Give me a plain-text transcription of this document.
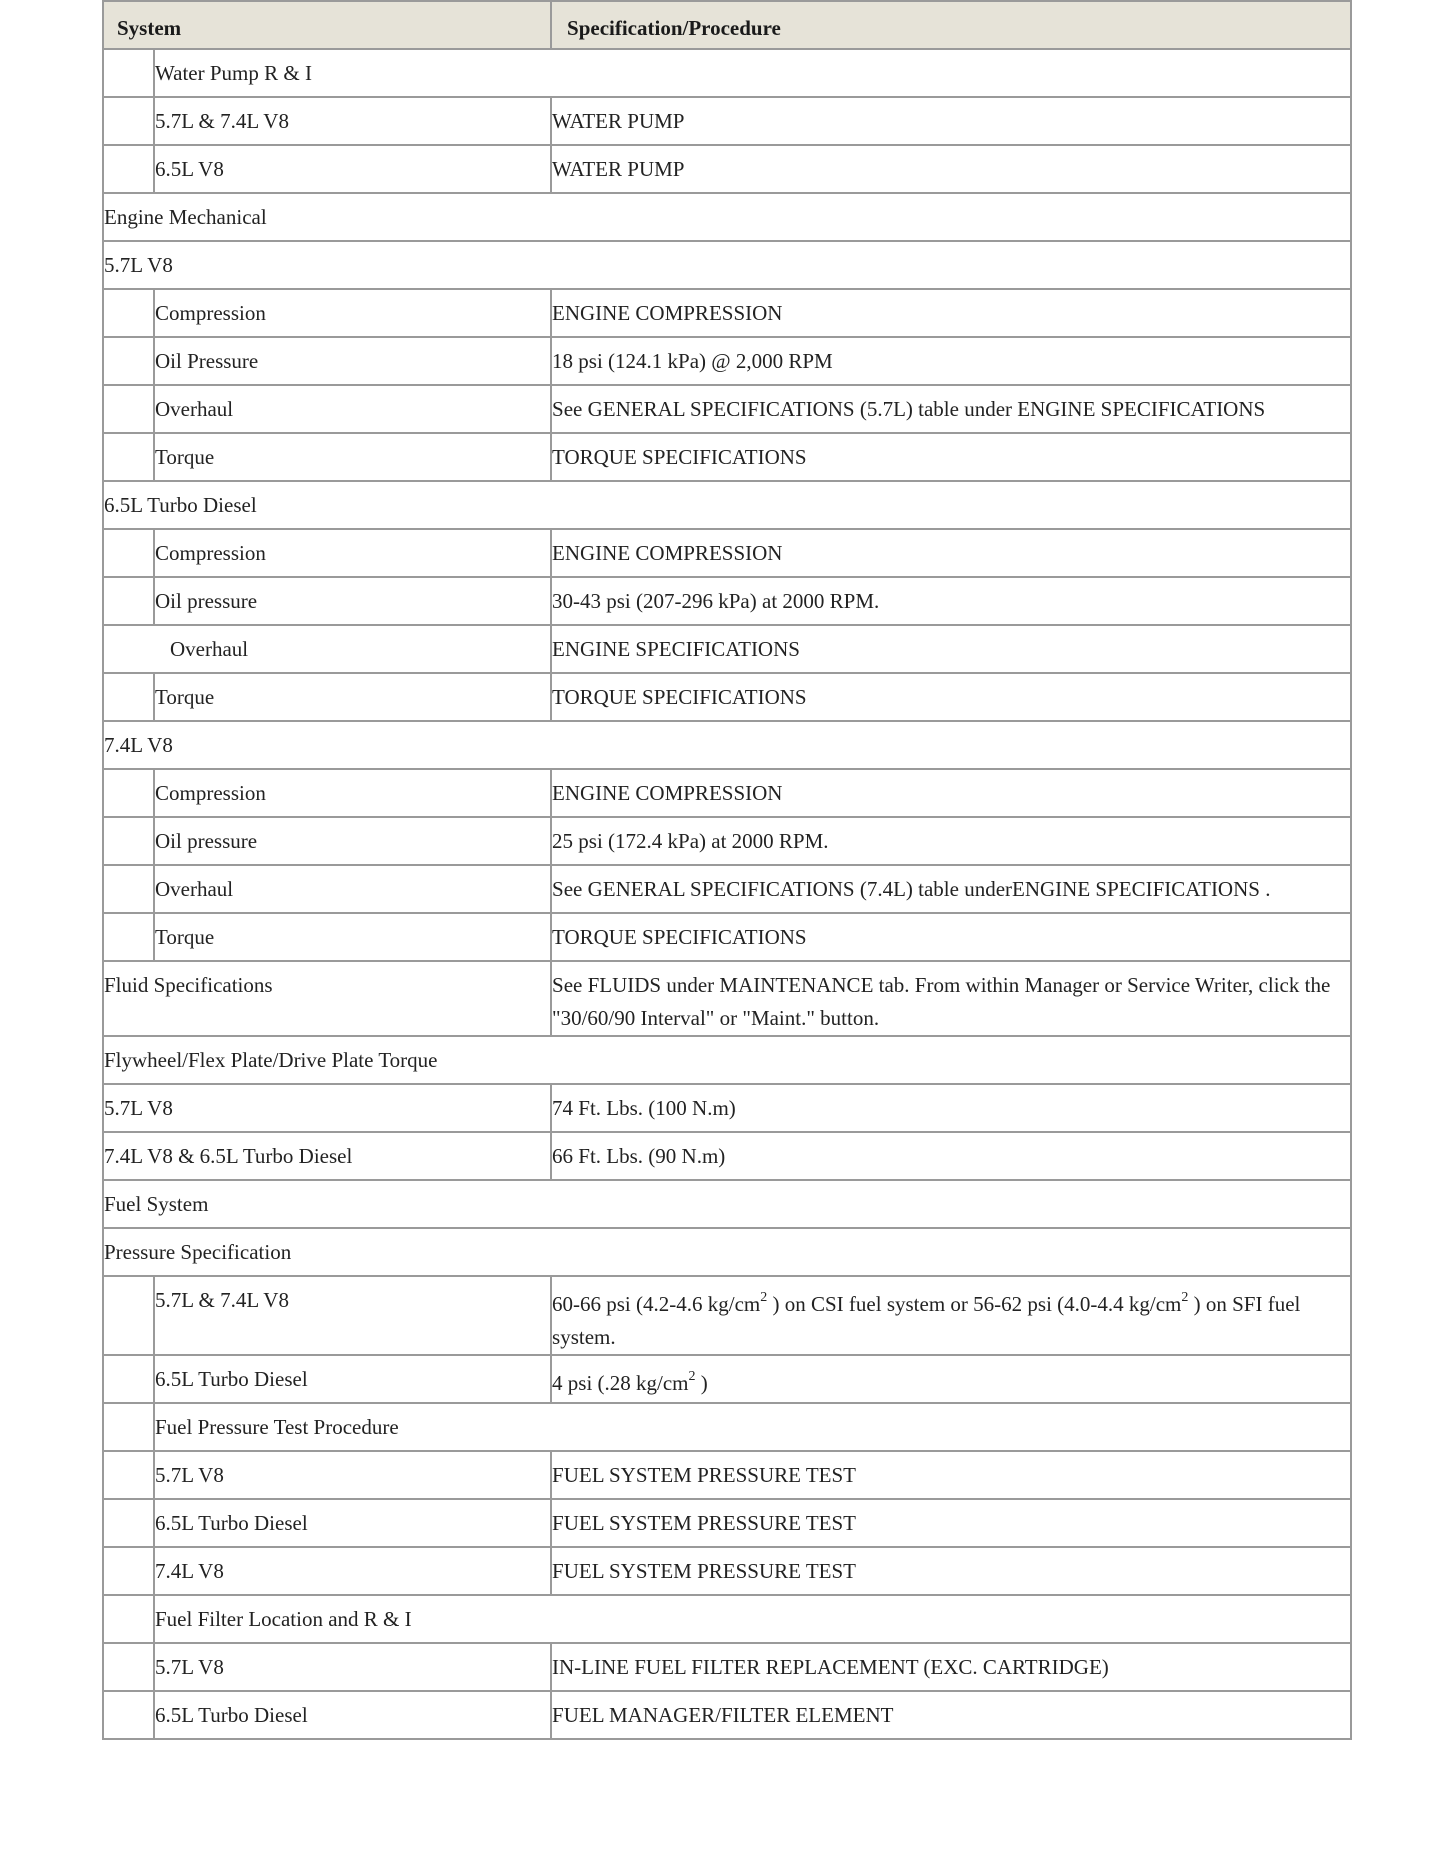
System		Specification/Procedure
	Water Pump R & I	
	5.7L & 7.4L V8	WATER PUMP
	6.5L V8	WATER PUMP
Engine Mechanical		
5.7L V8		
	Compression	ENGINE COMPRESSION
	Oil Pressure	18 psi (124.1 kPa) @ 2,000 RPM
	Overhaul	See GENERAL SPECIFICATIONS (5.7L) table under ENGINE SPECIFICATIONS
	Torque	TORQUE SPECIFICATIONS
6.5L Turbo Diesel		
	Compression	ENGINE COMPRESSION
	Oil pressure	30-43 psi (207-296 kPa) at 2000 RPM.
Overhaul		ENGINE SPECIFICATIONS
	Torque	TORQUE SPECIFICATIONS
7.4L V8		
	Compression	ENGINE COMPRESSION
	Oil pressure	25 psi (172.4 kPa) at 2000 RPM.
	Overhaul	See GENERAL SPECIFICATIONS (7.4L) table underENGINE SPECIFICATIONS .
	Torque	TORQUE SPECIFICATIONS
Fluid Specifications		See FLUIDS under MAINTENANCE tab. From within Manager or Service Writer, click the "30/60/90 Interval" or "Maint." button.
Flywheel/Flex Plate/Drive Plate Torque		
5.7L V8		74 Ft. Lbs. (100 N.m)
7.4L V8 & 6.5L Turbo Diesel		66 Ft. Lbs. (90 N.m)
Fuel System		
Pressure Specification		
	5.7L & 7.4L V8	60-66 psi (4.2-4.6 $kg/cm^2$ ) on CSI fuel system or 56-62 psi (4.0-4.4 $kg/cm^2$ ) on SFI fuel system.
	6.5L Turbo Diesel	4 psi (.28 $kg/cm^2$ )
	Fuel Pressure Test Procedure	
	5.7L V8	FUEL SYSTEM PRESSURE TEST
	6.5L Turbo Diesel	FUEL SYSTEM PRESSURE TEST
	7.4L V8	FUEL SYSTEM PRESSURE TEST
	Fuel Filter Location and R & I	
	5.7L V8	IN-LINE FUEL FILTER REPLACEMENT (EXC. CARTRIDGE)
	6.5L Turbo Diesel	FUEL MANAGER/FILTER ELEMENT
